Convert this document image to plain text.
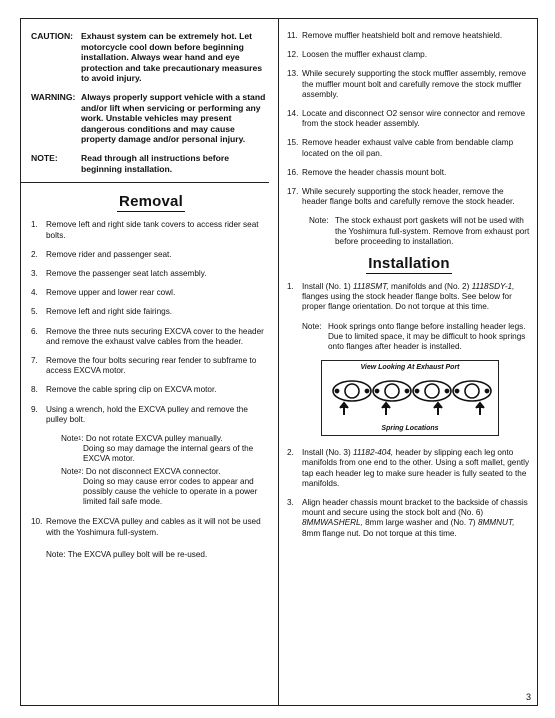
CAUTION: Exhaust system can be extremely hot. Let motorcycle cool down before beginning installation. Always wear hand and eye protection and take precautionary measures to avoid injury.
WARNING: Always properly support vehicle with a stand and/or lift when servicing or performing any work. Unstable vehicles may present dangerous conditions and may cause property damage and/or personal injury.
NOTE:	Read through all instructions before beginning installation.
Removal
1. Remove left and right side tank covers to access rider seat bolts.
2. Remove rider and passenger seat.
3. Remove the passenger seat latch assembly.
4. Remove upper and lower rear cowl.
5. Remove left and right side fairings.
6. Remove the three nuts securing EXCVA cover to the header and remove the exhaust valve cables from the header.
7. Remove the four bolts securing rear fender to subframe to access EXCVA motor.
8. Remove the cable spring clip on EXCVA motor.
9. Using a wrench, hold the EXCVA pulley and remove the pulley bolt.
Note$^1$: Do not rotate EXCVA pulley manually.
Doing so may damage the internal gears of the EXCVA motor.
Note$^2$: Do not disconnect EXCVA connector.
Doing so may cause error codes to appear and possibly cause the vehicle to operate in a power limited fail safe mode.
10. Remove the EXCVA pulley and cables as it will not be used with the Yoshimura full-system.
Note: The EXCVA pulley bolt will be re-used.
11. Remove muffler heatshield bolt and remove heatshield.
12. Loosen the muffler exhaust clamp.
13. While securely supporting the stock muffler assembly, remove the muffler mount bolt and carefully remove the stock muffler assembly.
14. Locate and disconnect O2 sensor wire connector and remove from the stock header assembly.
15. Remove header exhaust valve cable from bendable clamp located on the oil pan.
16. Remove the header chassis mount bolt.
17. While securely supporting the stock header, remove the header flange bolts and carefully remove the stock header.
Note: The stock exhaust port gaskets will not be used with the Yoshimura full-system. Remove from exhaust port before proceeding to installation.
Installation
1. Install (No. 1) 1118SMT, manifolds and (No. 2) 1118SDY-1, flanges using the stock header flange bolts. See below for proper flange orientation. Do not torque at this time.
Note: Hook springs onto flange before installing header legs. Due to limited space, it may be difficult to hook springs onto flanges after header is installed.
View Looking At Exhaust Port
Spring Locations
2. Install (No. 3) 11182-404, header by slipping each leg onto manifolds from one end to the other. Using a soft mallet, gently tap each header leg to make sure header is fully seated to the manifolds.
3. Align header chassis mount bracket to the backside of chassis mount and secure using the stock bolt and (No. 6) 8MMWASHERL, 8mm large washer and (No. 7) 8MMNUT, 8mm flange nut. Do not torque at this time.
3
